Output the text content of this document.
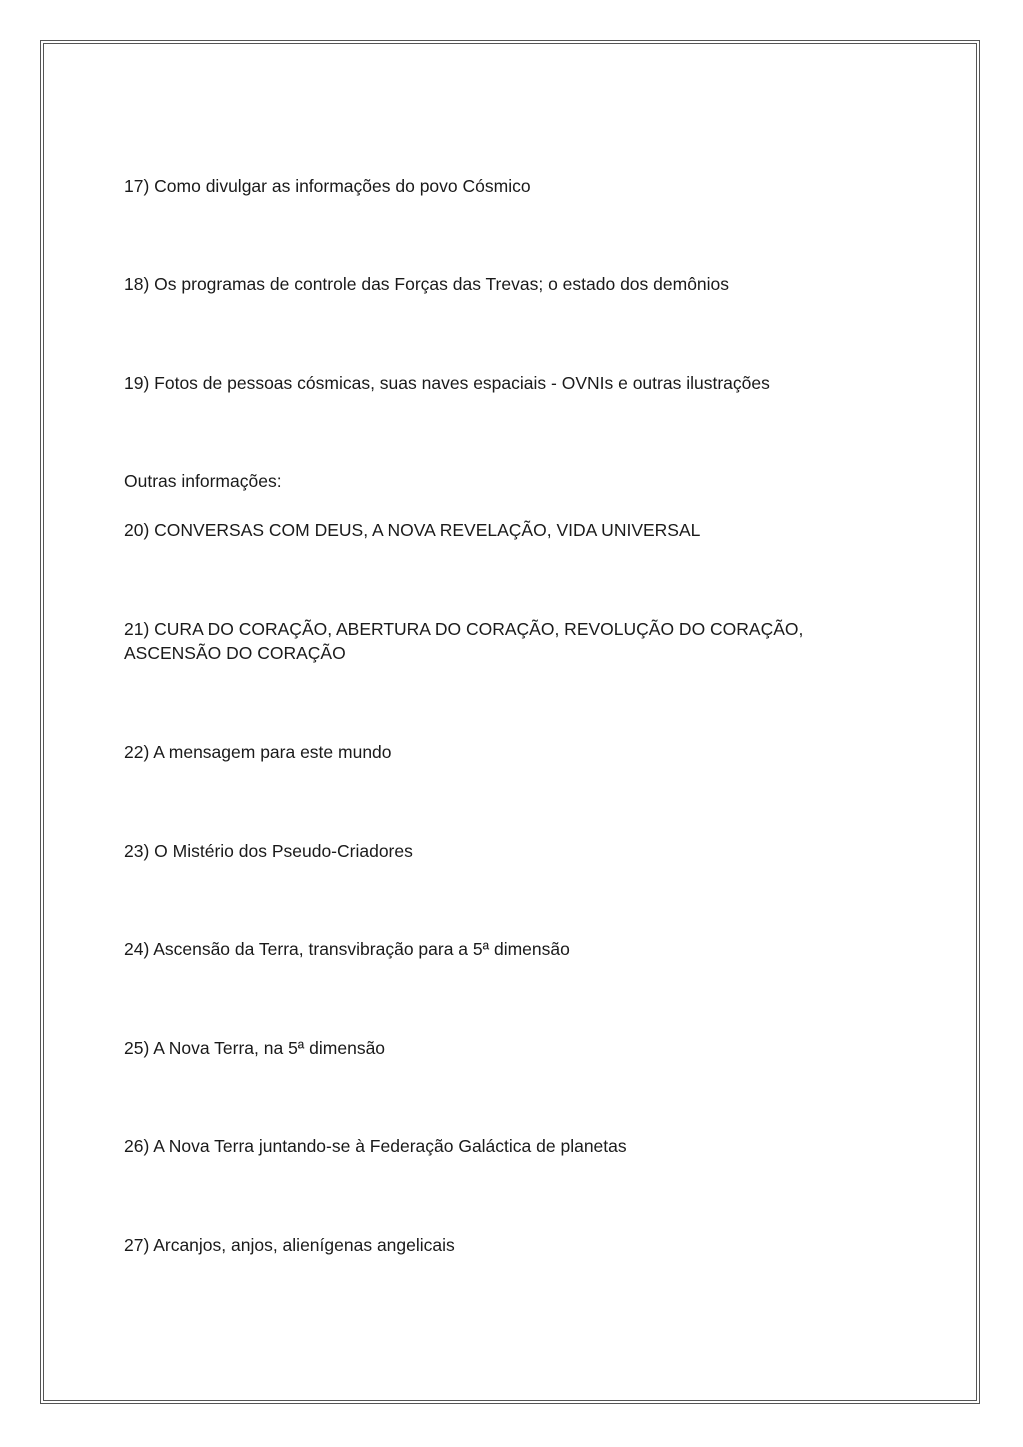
17) Como divulgar as informações do povo Cósmico

18) Os programas de controle das Forças das Trevas; o estado dos demônios

19) Fotos de pessoas cósmicas, suas naves espaciais - OVNIs e outras ilustrações

Outras informações:

20) CONVERSAS COM DEUS, A NOVA REVELAÇÃO, VIDA UNIVERSAL

21) CURA DO CORAÇÃO, ABERTURA DO CORAÇÃO, REVOLUÇÃO DO CORAÇÃO, ASCENSÃO DO CORAÇÃO

22) A mensagem para este mundo

23) O Mistério dos Pseudo-Criadores

24) Ascensão da Terra, transvibração para a 5ª dimensão

25) A Nova Terra, na 5ª dimensão

26) A Nova Terra juntando-se à Federação Galáctica de planetas

27) Arcanjos, anjos, alienígenas angelicais
